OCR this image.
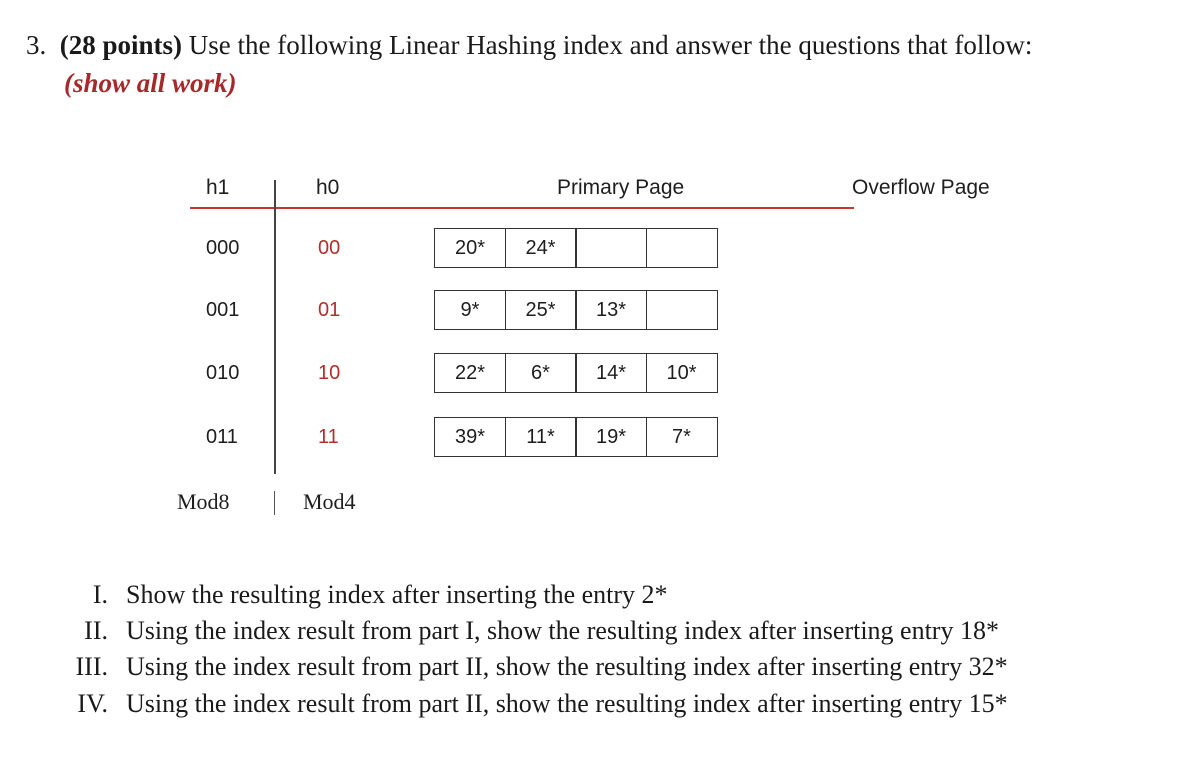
3. (28 points) Use the following Linear Hashing index and answer the questions that follow:
(show all work)
h1	h0	Primary Page	Overflow Page
000	00	20*	24*
001	01	9*	25*	13*
010	10	22*	6*	14*	10*
011	11	39*	11*	19*	7*
Mod8	Mod4
I. Show the resulting index after inserting the entry 2*
II. Using the index result from part I, show the resulting index after inserting entry 18*
III. Using the index result from part II, show the resulting index after inserting entry 32*
IV. Using the index result from part II, show the resulting index after inserting entry 15*
